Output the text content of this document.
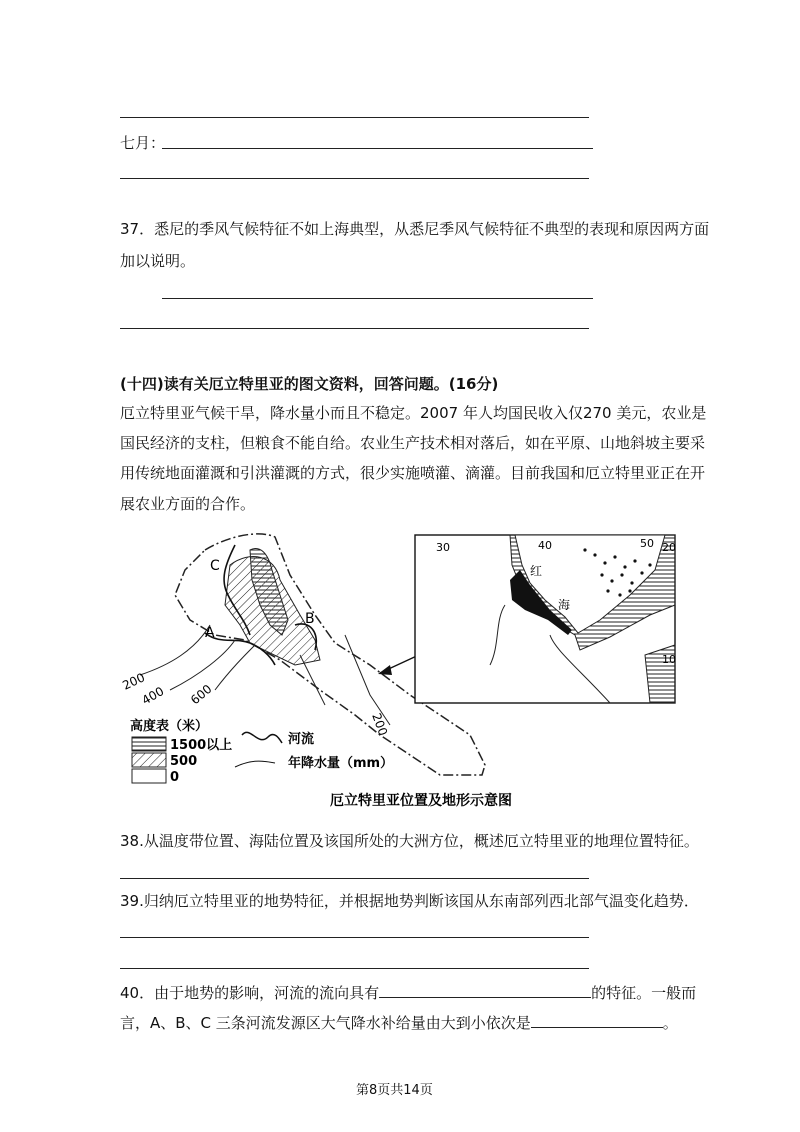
七月：
37．悉尼的季风气候特征不如上海典型，从悉尼季风气候特征不典型的表现和原因两方面
加以说明。
(十四)读有关厄立特里亚的图文资料，回答问题。(16分)
厄立特里亚气候干旱，降水量小而且不稳定。2007 年人均国民收入仅270 美元，农业是
国民经济的支柱，但粮食不能自给。农业生产技术相对落后，如在平原、山地斜坡主要采
用传统地面灌溉和引洪灌溉的方式，很少实施喷灌、滴灌。目前我国和厄立特里亚正在开
展农业方面的合作。
C
A
B
200
400 600
200
高度表（米）
1500以上
500
0
河流
年降水量（mm）
厄立特里亚位置及地形示意图
30	40	50 20
10
红
海
38.从温度带位置、海陆位置及该国所处的大洲方位，概述厄立特里亚的地理位置特征。
39.归纳厄立特里亚的地势特征，并根据地势判断该国从东南部列西北部气温变化趋势．
40．由于地势的影响，河流的流向具有	的特征。一般而
言，A、B、C 三条河流发源区大气降水补给量由大到小依次是	。
第8页共14页
